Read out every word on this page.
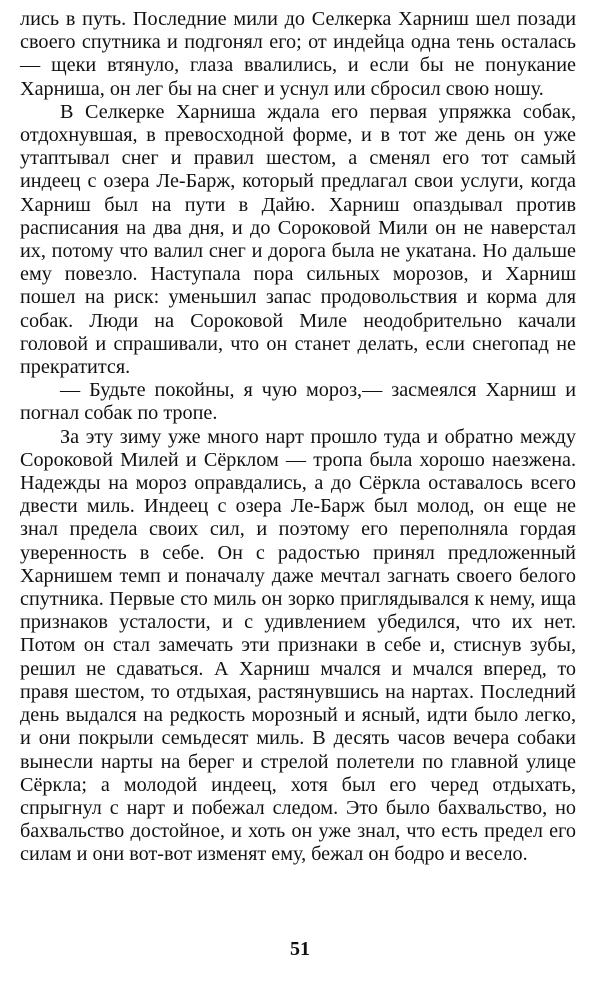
лись в путь. Последние мили до Селкерка Харниш шел позади своего спутника и подгонял его; от индейца одна тень осталась — щеки втянуло, глаза ввалились, и если бы не понукание Харниша, он лег бы на снег и уснул или сбросил свою ношу.

В Селкерке Харниша ждала его первая упряжка собак, отдохнувшая, в превосходной форме, и в тот же день он уже утаптывал снег и правил шестом, а сменял его тот самый индеец с озера Ле-Барж, который предлагал свои услуги, когда Харниш был на пути в Дайю. Харниш опаздывал против расписания на два дня, и до Сороковой Мили он не наверстал их, потому что валил снег и дорога была не укатана. Но дальше ему повезло. Наступала пора сильных морозов, и Харниш пошел на риск: уменьшил запас продовольствия и корма для собак. Люди на Сороковой Миле неодобрительно качали головой и спрашивали, что он станет делать, если снегопад не прекратится.

— Будьте покойны, я чую мороз,— засмеялся Харниш и погнал собак по тропе.

За эту зиму уже много нарт прошло туда и обратно между Сороковой Милей и Сёрклом — тропа была хорошо наезжена. Надежды на мороз оправдались, а до Сёркла оставалось всего двести миль. Индеец с озера Ле-Барж был молод, он еще не знал предела своих сил, и поэтому его переполняла гордая уверенность в себе. Он с радостью принял предложенный Харнишем темп и поначалу даже мечтал загнать своего белого спутника. Первые сто миль он зорко приглядывался к нему, ища признаков усталости, и с удивлением убедился, что их нет. Потом он стал замечать эти признаки в себе и, стиснув зубы, решил не сдаваться. А Харниш мчался и мчался вперед, то правя шестом, то отдыхая, растянувшись на нартах. Последний день выдался на редкость морозный и ясный, идти было легко, и они покрыли семьдесят миль. В десять часов вечера собаки вынесли нарты на берег и стрелой полетели по главной улице Сёркла; а молодой индеец, хотя был его черед отдыхать, спрыгнул с нарт и побежал следом. Это было бахвальство, но бахвальство достойное, и хоть он уже знал, что есть предел его силам и они вот-вот изменят ему, бежал он бодро и весело.

51
